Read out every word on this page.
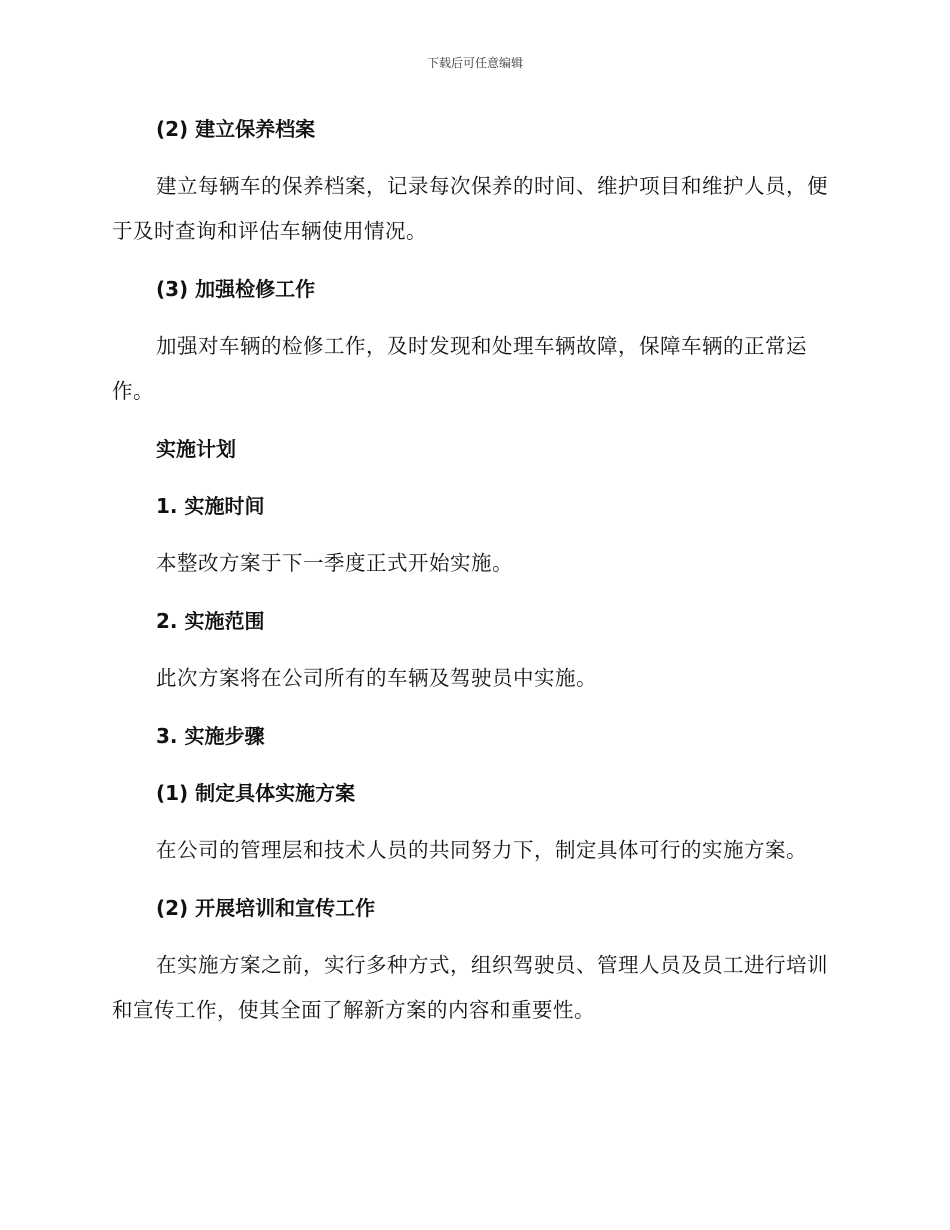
下载后可任意编辑
(2) 建立保养档案

建立每辆车的保养档案，记录每次保养的时间、维护项目和维护人员，便于及时查询和评估车辆使用情况。

(3) 加强检修工作

加强对车辆的检修工作，及时发现和处理车辆故障，保障车辆的正常运作。

实施计划
1. 实施时间

本整改方案于下一季度正式开始实施。

2. 实施范围

此次方案将在公司所有的车辆及驾驶员中实施。

3. 实施步骤
(1) 制定具体实施方案

在公司的管理层和技术人员的共同努力下，制定具体可行的实施方案。

(2) 开展培训和宣传工作

在实施方案之前，实行多种方式，组织驾驶员、管理人员及员工进行培训和宣传工作，使其全面了解新方案的内容和重要性。
